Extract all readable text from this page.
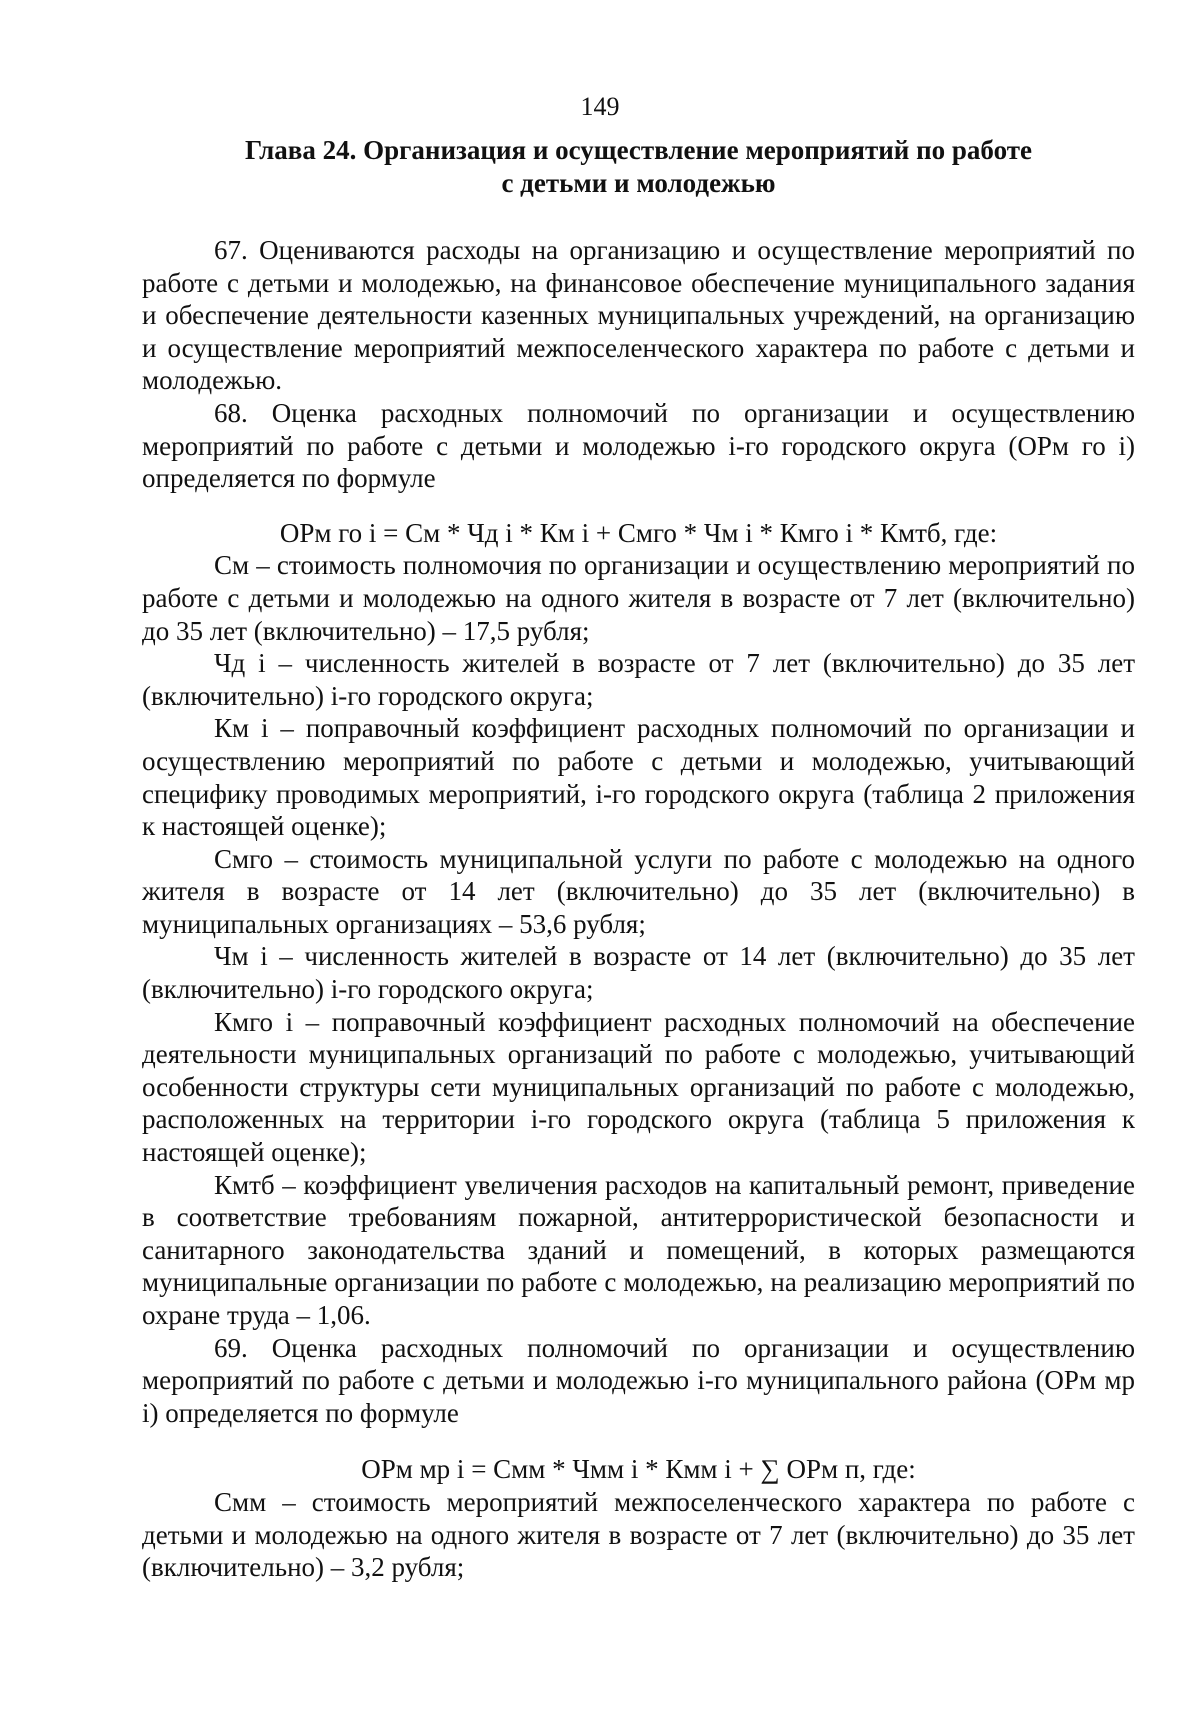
149
Глава 24. Организация и осуществление мероприятий по работе
с детьми и молодежью

67. Оцениваются расходы на организацию и осуществление мероприятий по работе с детьми и молодежью, на финансовое обеспечение муниципального задания и обеспечение деятельности казенных муниципальных учреждений, на организацию и осуществление мероприятий межпоселенческого характера по работе с детьми и молодежью.

68. Оценка расходных полномочий по организации и осуществлению мероприятий по работе с детьми и молодежью i-го городского округа (ОРм го i) определяется по формуле

ОРм го i = См * Чд i * Км i + Смго * Чм i * Кмго i * Кмтб, где:

См – стоимость полномочия по организации и осуществлению мероприятий по работе с детьми и молодежью на одного жителя в возрасте от 7 лет (включительно) до 35 лет (включительно) – 17,5 рубля;

Чд i – численность жителей в возрасте от 7 лет (включительно) до 35 лет (включительно) i-го городского округа;

Км i – поправочный коэффициент расходных полномочий по организации и осуществлению мероприятий по работе с детьми и молодежью, учитывающий специфику проводимых мероприятий, i-го городского округа (таблица 2 приложения к настоящей оценке);

Смго – стоимость муниципальной услуги по работе с молодежью на одного жителя в возрасте от 14 лет (включительно) до 35 лет (включительно) в муниципальных организациях – 53,6 рубля;

Чм i – численность жителей в возрасте от 14 лет (включительно) до 35 лет (включительно) i-го городского округа;

Кмго i – поправочный коэффициент расходных полномочий на обеспечение деятельности муниципальных организаций по работе с молодежью, учитывающий особенности структуры сети муниципальных организаций по работе с молодежью, расположенных на территории i-го городского округа (таблица 5 приложения к настоящей оценке);

Кмтб – коэффициент увеличения расходов на капитальный ремонт, приведение в соответствие требованиям пожарной, антитеррористической безопасности и санитарного законодательства зданий и помещений, в которых размещаются муниципальные организации по работе с молодежью, на реализацию мероприятий по охране труда – 1,06.

69. Оценка расходных полномочий по организации и осуществлению мероприятий по работе с детьми и молодежью i-го муниципального района (ОРм мр i) определяется по формуле

ОРм мр i = Смм * Чмм i * Кмм i + ∑ ОРм п, где:

Смм – стоимость мероприятий межпоселенческого характера по работе с детьми и молодежью на одного жителя в возрасте от 7 лет (включительно) до 35 лет (включительно) – 3,2 рубля;
